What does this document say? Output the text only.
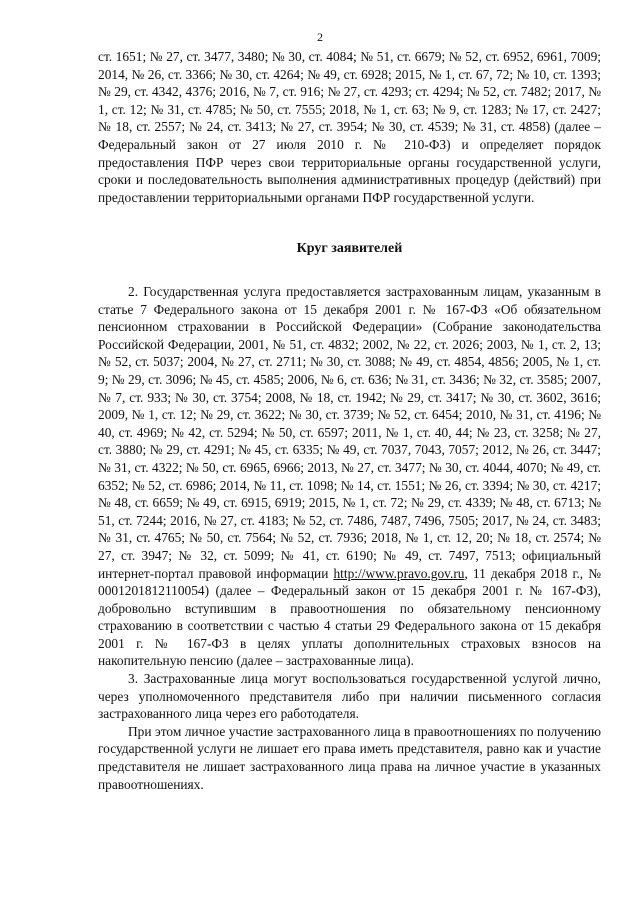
2
ст. 1651; № 27, ст. 3477, 3480; № 30, ст. 4084; № 51, ст. 6679; № 52, ст. 6952, 6961, 7009; 2014, № 26, ст. 3366; № 30, ст. 4264; № 49, ст. 6928; 2015, № 1, ст. 67, 72; № 10, ст. 1393; № 29, ст. 4342, 4376; 2016, № 7, ст. 916; № 27, ст. 4293; ст. 4294; № 52, ст. 7482; 2017, № 1, ст. 12; № 31, ст. 4785; № 50, ст. 7555; 2018, № 1, ст. 63; № 9, ст. 1283; № 17, ст. 2427; № 18, ст. 2557; № 24, ст. 3413; № 27, ст. 3954; № 30, ст. 4539; № 31, ст. 4858) (далее – Федеральный закон от 27 июля 2010 г. № 210-ФЗ) и определяет порядок предоставления ПФР через свои территориальные органы государственной услуги, сроки и последовательность выполнения административных процедур (действий) при предоставлении территориальными органами ПФР государственной услуги.
Круг заявителей

2. Государственная услуга предоставляется застрахованным лицам, указанным в статье 7 Федерального закона от 15 декабря 2001 г. № 167-ФЗ «Об обязательном пенсионном страховании в Российской Федерации» (Собрание законодательства Российской Федерации, 2001, № 51, ст. 4832; 2002, № 22, ст. 2026; 2003, № 1, ст. 2, 13; № 52, ст. 5037; 2004, № 27, ст. 2711; № 30, ст. 3088; № 49, ст. 4854, 4856; 2005, № 1, ст. 9; № 29, ст. 3096; № 45, ст. 4585; 2006, № 6, ст. 636; № 31, ст. 3436; № 32, ст. 3585; 2007, № 7, ст. 933; № 30, ст. 3754; 2008, № 18, ст. 1942; № 29, ст. 3417; № 30, ст. 3602, 3616; 2009, № 1, ст. 12; № 29, ст. 3622; № 30, ст. 3739; № 52, ст. 6454; 2010, № 31, ст. 4196; № 40, ст. 4969; № 42, ст. 5294; № 50, ст. 6597; 2011, № 1, ст. 40, 44; № 23, ст. 3258; № 27, ст. 3880; № 29, ст. 4291; № 45, ст. 6335; № 49, ст. 7037, 7043, 7057; 2012, № 26, ст. 3447; № 31, ст. 4322; № 50, ст. 6965, 6966; 2013, № 27, ст. 3477; № 30, ст. 4044, 4070; № 49, ст. 6352; № 52, ст. 6986; 2014, № 11, ст. 1098; № 14, ст. 1551; № 26, ст. 3394; № 30, ст. 4217; № 48, ст. 6659; № 49, ст. 6915, 6919; 2015, № 1, ст. 72; № 29, ст. 4339; № 48, ст. 6713; № 51, ст. 7244; 2016, № 27, ст. 4183; № 52, ст. 7486, 7487, 7496, 7505; 2017, № 24, ст. 3483; № 31, ст. 4765; № 50, ст. 7564; № 52, ст. 7936; 2018, № 1, ст. 12, 20; № 18, ст. 2574; № 27, ст. 3947; № 32, ст. 5099; № 41, ст. 6190; № 49, ст. 7497, 7513; официальный интернет-портал правовой информации http://www.pravo.gov.ru, 11 декабря 2018 г., № 0001201812110054) (далее – Федеральный закон от 15 декабря 2001 г. № 167-ФЗ), добровольно вступившим в правоотношения по обязательному пенсионному страхованию в соответствии с частью 4 статьи 29 Федерального закона от 15 декабря 2001 г. № 167-ФЗ в целях уплаты дополнительных страховых взносов на накопительную пенсию (далее – застрахованные лица).

3. Застрахованные лица могут воспользоваться государственной услугой лично, через уполномоченного представителя либо при наличии письменного согласия застрахованного лица через его работодателя.

При этом личное участие застрахованного лица в правоотношениях по получению государственной услуги не лишает его права иметь представителя, равно как и участие представителя не лишает застрахованного лица права на личное участие в указанных правоотношениях.
